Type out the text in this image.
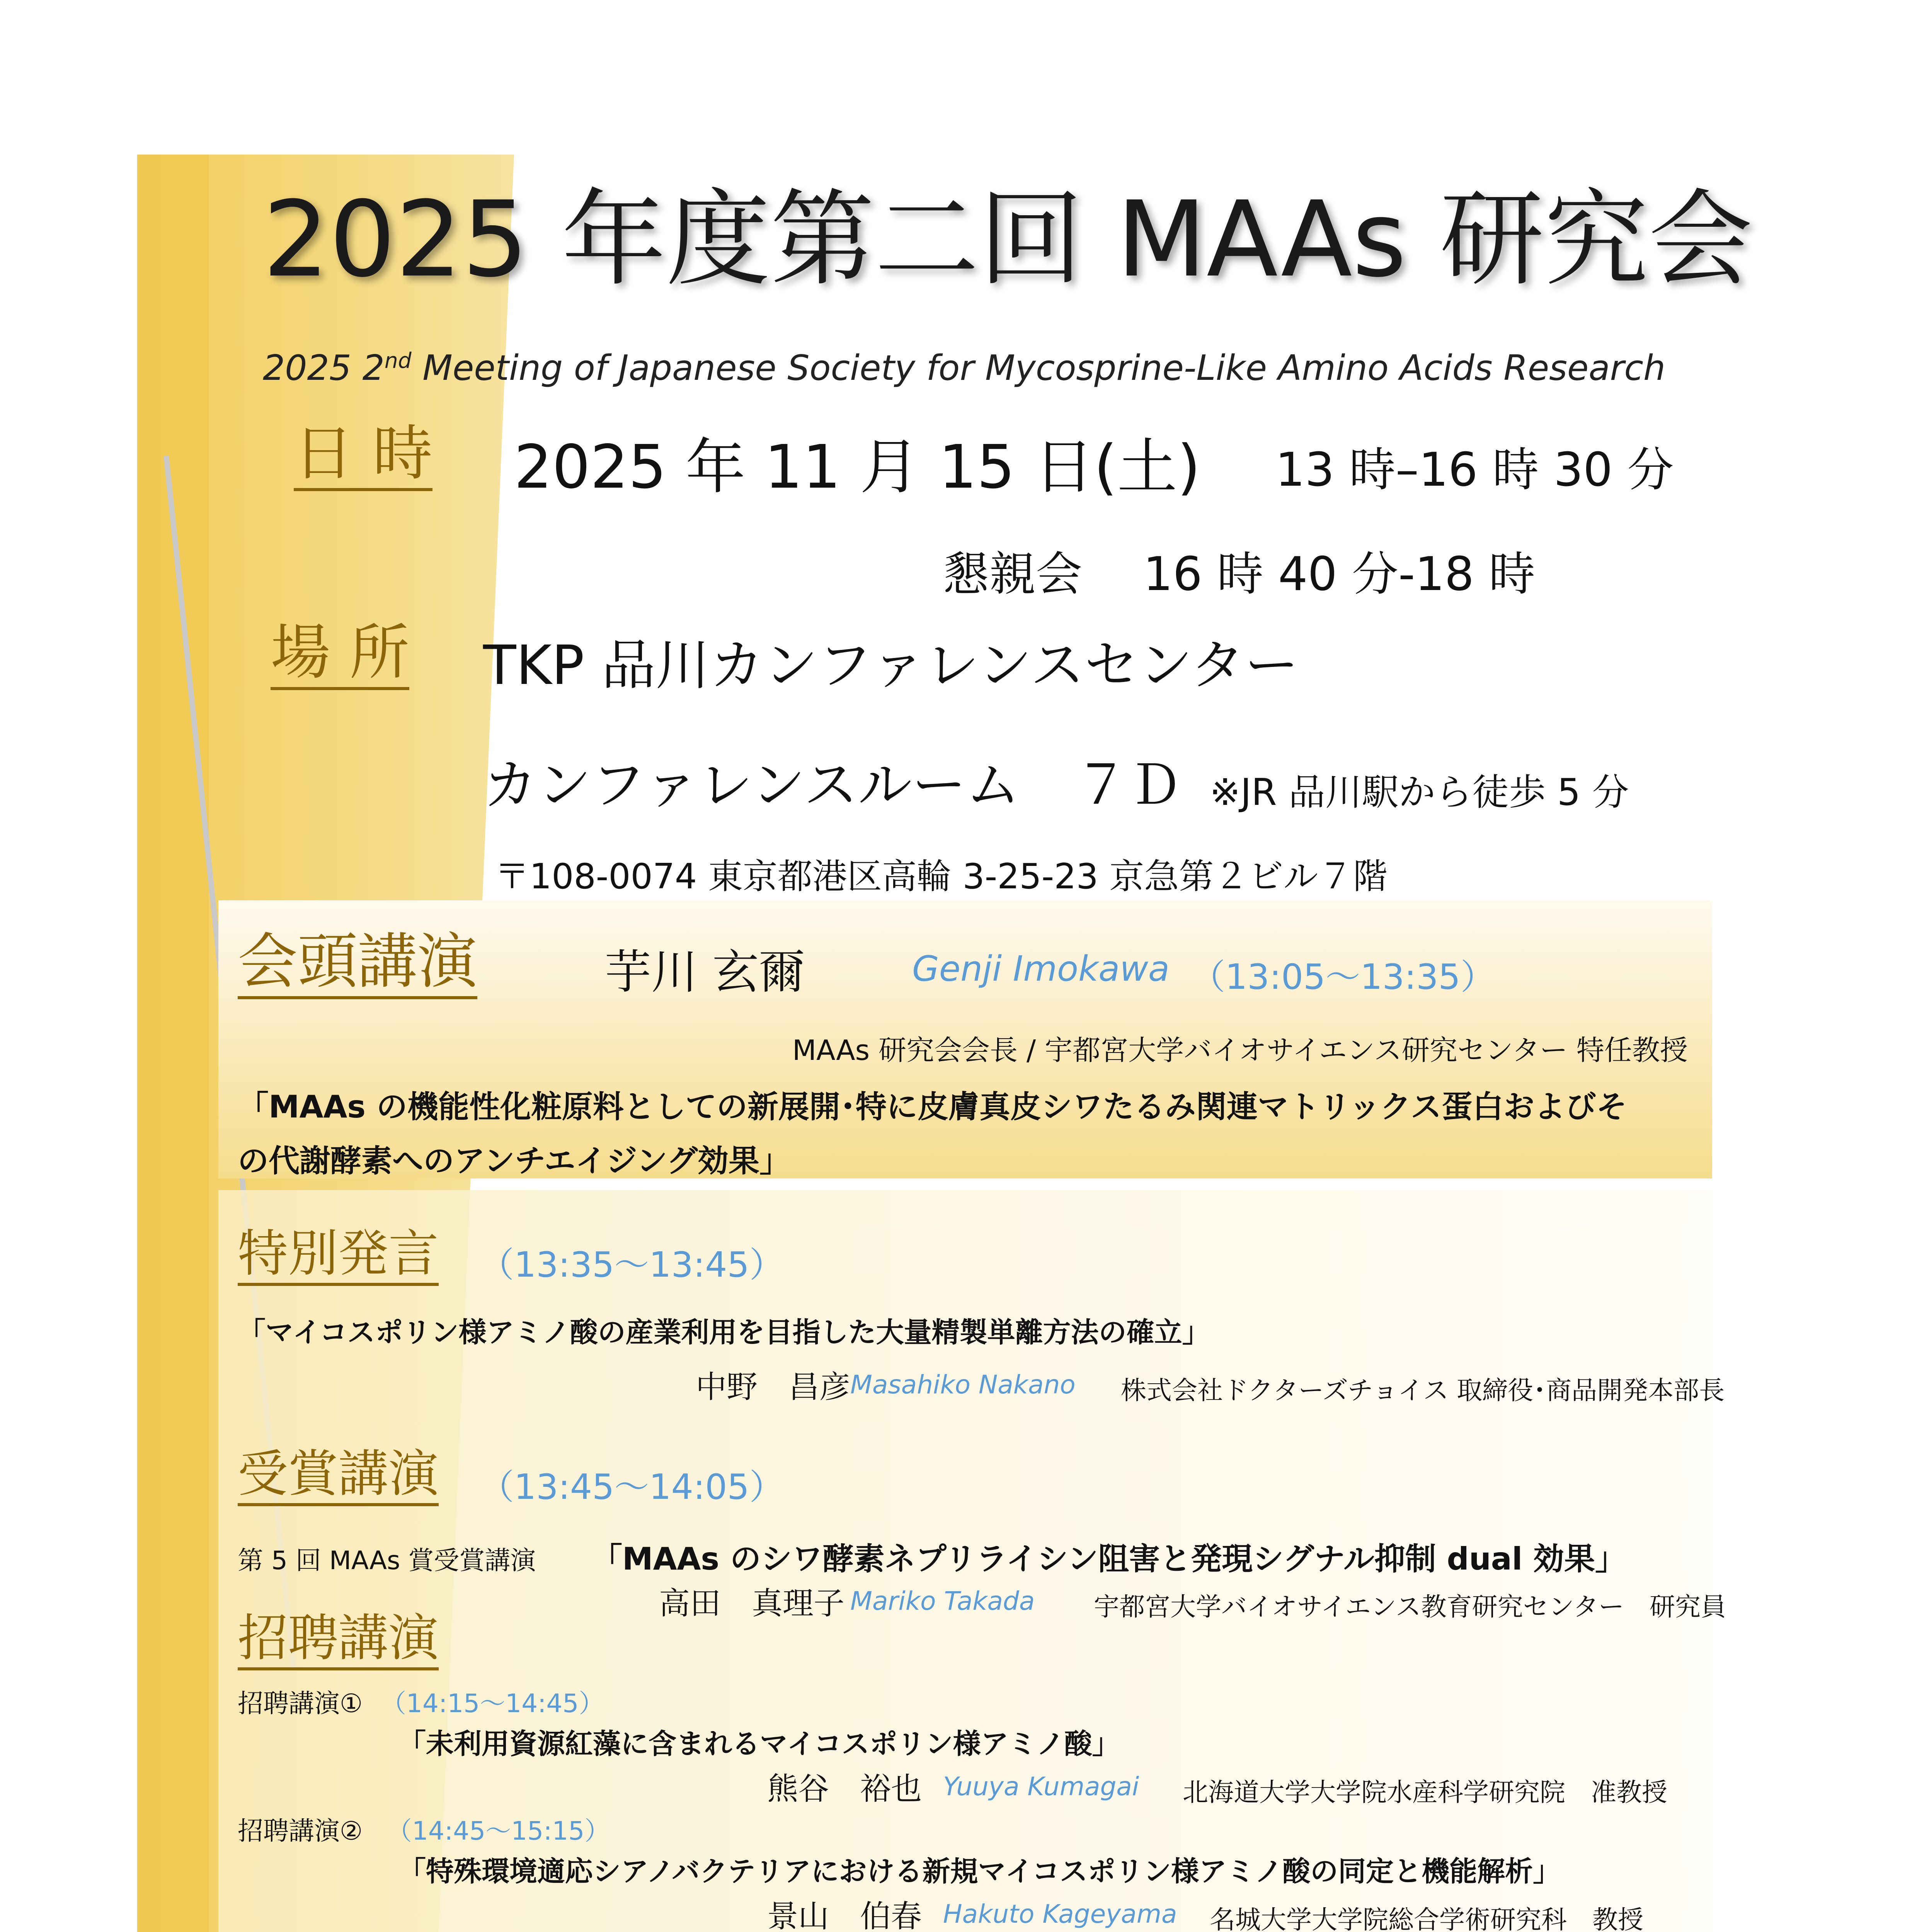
2025 年度第二回 MAAs 研究会
2025 2nd Meeting of Japanese Society for Mycosprine-Like Amino Acids Research
日 時 2025 年 11 月 15 日(土) 13 時–16 時 30 分
懇親会　 16 時 40 分-18 時
場 所 TKP 品川カンファレンスセンター
カンファレンスルーム　７Ｄ ※JR 品川駅から徒歩 5 分
〒108-0074 東京都港区高輪 3-25-23 京急第２ビル７階
会頭講演	芋川 玄爾	Genji Imokawa （13:05～13:35）
MAAs 研究会会長 / 宇都宮大学バイオサイエンス研究センター 特任教授
「MAAs の機能性化粧原料としての新展開･特に皮膚真皮シワたるみ関連マトリックス蛋白およびそ
の代謝酵素へのアンチエイジング効果」
特別発言 （13:35～13:45）
「マイコスポリン様アミノ酸の産業利用を目指した大量精製単離方法の確立」
中野　昌彦 Masahiko Nakano 株式会社ドクターズチョイス 取締役･商品開発本部長
受賞講演 （13:45～14:05）
第 5 回 MAAs 賞受賞講演 「MAAs のシワ酵素ネプリライシン阻害と発現シグナル抑制 dual 効果」
高田　真理子 Mariko Takada 宇都宮大学バイオサイエンス教育研究センター　研究員
招聘講演
招聘講演① （14:15～14:45）
「未利用資源紅藻に含まれるマイコスポリン様アミノ酸」
熊谷　裕也 Yuuya Kumagai 北海道大学大学院水産科学研究院　准教授
招聘講演② （14:45～15:15）
「特殊環境適応シアノバクテリアにおける新規マイコスポリン様アミノ酸の同定と機能解析」
景山　伯春 Hakuto Kageyama 名城大学大学院総合学術研究科　教授
